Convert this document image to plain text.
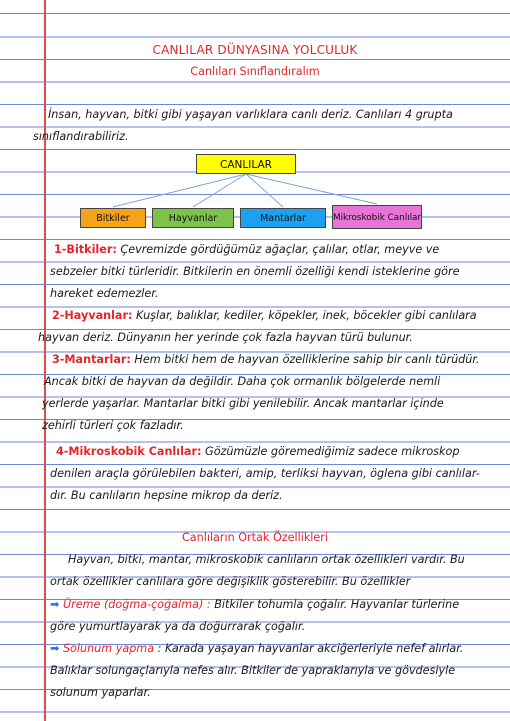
CANLILAR DÜNYASINA YOLCULUK
Canlıları Sınıflandıralım
İnsan, hayvan, bitki gibi yaşayan varlıklara canlı deriz. Canlıları 4 grupta
sınıflandırabiliriz.
CANLILAR
Bitkiler	Hayvanlar	Mantarlar	Mikroskobik Canlılar
1-Bitkiler: Çevremizde gördüğümüz ağaçlar, çalılar, otlar, meyve ve
sebzeler bitki türleridir. Bitkilerin en önemli özelliği kendi isteklerine göre
hareket edemezler.
2-Hayvanlar: Kuşlar, balıklar, kediler, köpekler, inek, böcekler gibi canlılara
hayvan deriz. Dünyanın her yerinde çok fazla hayvan türü bulunur.
3-Mantarlar: Hem bitki hem de hayvan özelliklerine sahip bir canlı türüdür.
Ancak bitki de hayvan da değildir. Daha çok ormanlık bölgelerde nemli
yerlerde yaşarlar. Mantarlar bitki gibi yenilebilir. Ancak mantarlar içinde
zehirli türleri çok fazladır.
4-Mikroskobik Canlılar: Gözümüzle göremediğimiz sadece mikroskop
denilen araçla görülebilen bakteri, amip, terliksi hayvan, öglena gibi canlılar-
dır. Bu canlıların hepsine mikrop da deriz.
Canlıların Ortak Özellikleri
Hayvan, bitki, mantar, mikroskobik canlıların ortak özellikleri vardır. Bu
ortak özellikler canlılara göre değişiklik gösterebilir. Bu özellikler
➡ Üreme (doğma-çoğalma) : Bitkiler tohumla çoğalır. Hayvanlar türlerine
göre yumurtlayarak ya da doğurrarak çoğalır.
➡ Solunum yapma : Karada yaşayan hayvanlar akciğerleriyle nefef alırlar.
Balıklar solungaçlarıyla nefes alır. Bitkiler de yapraklarıyla ve gövdesiyle
solunum yaparlar.
